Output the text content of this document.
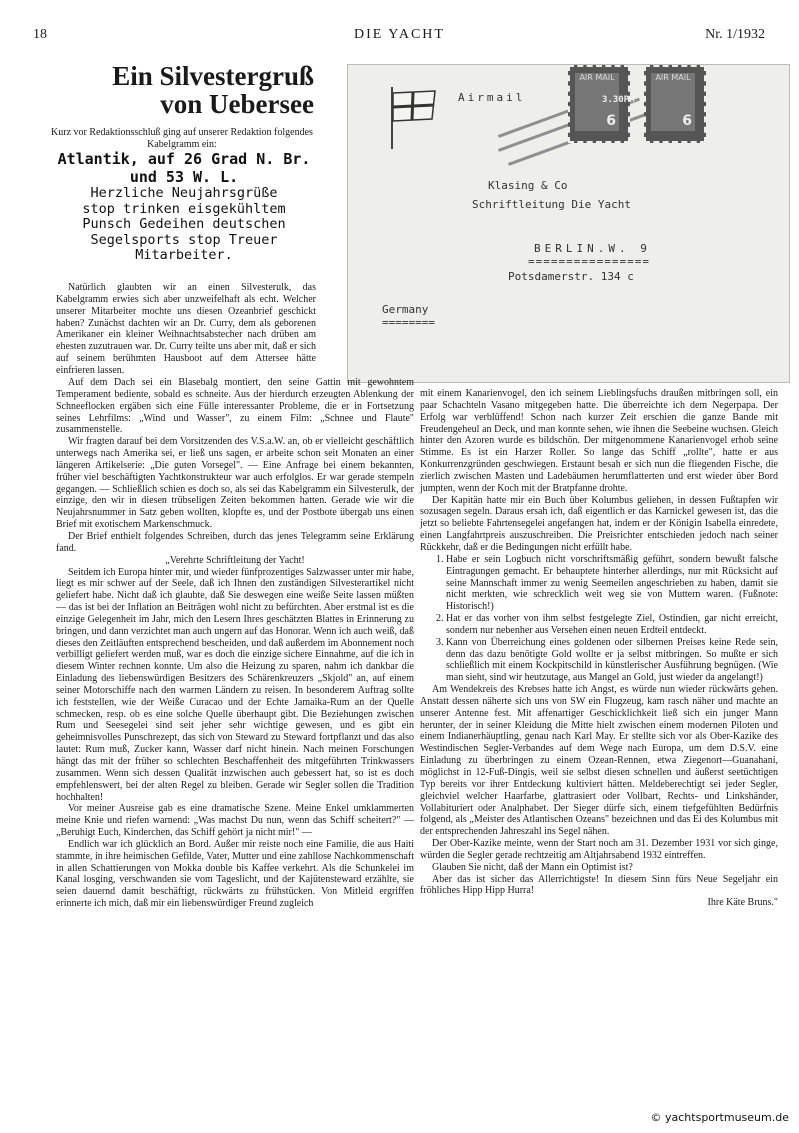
18	DIE YACHT	Nr. 1/1932
Ein Silvestergruß
von Uebersee
Kurz vor Redaktionsschluß ging auf unserer Redaktion folgendes Kabelgramm ein:
Atlantik, auf 26 Grad N. Br.
und 53 W. L.
Herzliche Neujahrsgrüße
stop trinken eisgekühltem
Punsch Gedeihen deutschen
Segelsports stop Treuer
Mitarbeiter.
Airmail
AIR MAIL
6
AIR MAIL
6
3.30PM
Klasing & Co
Schriftleitung Die Yacht
BERLIN.W. 9
================
Potsdamerstr. 134 c
Germany
========

Natürlich glaubten wir an einen Silvesterulk, das Kabelgramm erwies sich aber unzweifelhaft als echt. Welcher unserer Mitarbeiter mochte uns diesen Ozeanbrief geschickt haben? Zunächst dachten wir an Dr. Curry, dem als geborenen Amerikaner ein kleiner Weihnachtsabstecher nach drüben am ehesten zuzutrauen war. Dr. Curry teilte uns aber mit, daß er sich auf seinem berühmten Hausboot auf dem Attersee hätte einfrieren lassen.

Auf dem Dach sei ein Blasebalg montiert, den seine Gattin mit gewohntem Temperament bediente, sobald es schneite. Aus der hierdurch erzeugten Ablenkung der Schneeflocken ergäben sich eine Fülle interessanter Probleme, die er in Fortsetzung seines Lehrfilms: „Wind und Wasser", zu einem Film: „Schnee und Flaute" zusammenstelle.

Wir fragten darauf bei dem Vorsitzenden des V.S.a.W. an, ob er vielleicht geschäftlich unterwegs nach Amerika sei, er ließ uns sagen, er arbeite schon seit Monaten an einer längeren Artikelserie: „Die guten Vorsegel". — Eine Anfrage bei einem bekannten, früher viel beschäftigten Yachtkonstrukteur war auch erfolglos. Er war gerade stempeln gegangen. — Schließlich schien es doch so, als sei das Kabelgramm ein Silvesterulk, der einzige, den wir in diesen trübseligen Zeiten bekommen hatten. Gerade wie wir die Neujahrsnummer in Satz geben wollten, klopfte es, und der Postbote übergab uns einen Brief mit exotischem Markenschmuck.

Der Brief enthielt folgendes Schreiben, durch das jenes Telegramm seine Erklärung fand.

„Verehrte Schriftleitung der Yacht!

Seitdem ich Europa hinter mir, und wieder fünfprozentiges Salzwasser unter mir habe, liegt es mir schwer auf der Seele, daß ich Ihnen den zuständigen Silvesterartikel nicht geliefert habe. Nicht daß ich glaubte, daß Sie deswegen eine weiße Seite lassen müßten — das ist bei der Inflation an Beiträgen wohl nicht zu befürchten. Aber erstmal ist es die einzige Gelegenheit im Jahr, mich den Lesern Ihres geschätzten Blattes in Erinnerung zu bringen, und dann verzichtet man auch ungern auf das Honorar. Wenn ich auch weiß, daß dieses den Zeitläuften entsprechend bescheiden, und daß außerdem im Abonnement noch verbilligt geliefert werden muß, war es doch die einzige sichere Einnahme, auf die ich in diesem Winter rechnen konnte. Um also die Heizung zu sparen, nahm ich dankbar die Einladung des liebenswürdigen Besitzers des Schärenkreuzers „Skjold" an, auf einem seiner Motorschiffe nach den warmen Ländern zu reisen. In besonderem Auftrag sollte ich feststellen, wie der Weiße Curacao und der Echte Jamaika-Rum an der Quelle schmecken, resp. ob es eine solche Quelle überhaupt gibt. Die Beziehungen zwischen Rum und Seesegelei sind seit jeher sehr wichtige gewesen, und es gibt ein geheimnisvolles Punschrezept, das sich von Steward zu Steward fortpflanzt und das also lautet: Rum muß, Zucker kann, Wasser darf nicht hinein. Nach meinen Forschungen hängt das mit der früher so schlechten Beschaffenheit des mitgeführten Trinkwassers zusammen. Wenn sich dessen Qualität inzwischen auch gebessert hat, so ist es doch empfehlenswert, bei der alten Regel zu bleiben. Gerade wir Segler sollen die Tradition hochhalten!

Vor meiner Ausreise gab es eine dramatische Szene. Meine Enkel umklammerten meine Knie und riefen warnend: „Was machst Du nun, wenn das Schiff scheitert?" — „Beruhigt Euch, Kinderchen, das Schiff gehört ja nicht mir!" —

Endlich war ich glücklich an Bord. Außer mir reiste noch eine Familie, die aus Haiti stammte, in ihre heimischen Gefilde, Vater, Mutter und eine zahllose Nachkommenschaft in allen Schattierungen von Mokka double bis Kaffee verkehrt. Als die Schunkelei im Kanal losging, verschwanden sie vom Tageslicht, und der Kajütensteward erzählte, sie seien dauernd damit beschäftigt, rückwärts zu frühstücken. Von Mitleid ergriffen erinnerte ich mich, daß mir ein liebenswürdiger Freund zugleich

mit einem Kanarienvogel, den ich seinem Lieblingsfuchs draußen mitbringen soll, ein paar Schachteln Vasano mitgegeben hatte. Die überreichte ich dem Negerpapa. Der Erfolg war verblüffend! Schon nach kurzer Zeit erschien die ganze Bande mit Freudengeheul an Deck, und man konnte sehen, wie ihnen die Seebeine wuchsen. Gleich hinter den Azoren wurde es bildschön. Der mitgenommene Kanarienvogel erhob seine Stimme. Es ist ein Harzer Roller. So lange das Schiff „rollte", hatte er aus Konkurrenzgründen geschwiegen. Erstaunt besah er sich nun die fliegenden Fische, die zierlich zwischen Masten und Ladebäumen herumflatterten und erst wieder über Bord jumpten, wenn der Koch mit der Bratpfanne drohte.

Der Kapitän hatte mir ein Buch über Kolumbus geliehen, in dessen Fußtapfen wir sozusagen segeln. Daraus ersah ich, daß eigentlich er das Karnickel gewesen ist, das die jetzt so beliebte Fahrtensegelei angefangen hat, indem er der Königin Isabella einredete, einen Langfahrtpreis auszuschreiben. Die Preisrichter entschieden jedoch nach seiner Rückkehr, daß er die Bedingungen nicht erfüllt habe.

1. Habe er sein Logbuch nicht vorschriftsmäßig geführt, sondern bewußt falsche Eintragungen gemacht. Er behauptete hinterher allerdings, nur mit Rücksicht auf seine Mannschaft immer zu wenig Seemeilen angeschrieben zu haben, damit sie nicht merkten, wie schrecklich weit weg sie von Muttern waren. (Fußnote: Historisch!)
2. Hat er das vorher von ihm selbst festgelegte Ziel, Ostindien, gar nicht erreicht, sondern nur nebenher aus Versehen einen neuen Erdteil entdeckt.
3. Kann von Überreichung eines goldenen oder silbernen Preises keine Rede sein, denn das dazu benötigte Gold wollte er ja selbst mitbringen. So mußte er sich schließlich mit einem Kockpitschild in künstlerischer Ausführung begnügen. (Wie man sieht, sind wir heutzutage, aus Mangel an Gold, just wieder da angelangt!)

Am Wendekreis des Krebses hatte ich Angst, es würde nun wieder rückwärts gehen. Anstatt dessen näherte sich uns von SW ein Flugzeug, kam rasch näher und machte an unserer Antenne fest. Mit affenartiger Geschicklichkeit ließ sich ein junger Mann herunter, der in seiner Kleidung die Mitte hielt zwischen einem modernen Piloten und einem Indianerhäuptling, genau nach Karl May. Er stellte sich vor als Ober-Kazike des Westindischen Segler-Verbandes auf dem Wege nach Europa, um dem D.S.V. eine Einladung zu überbringen zu einem Ozean-Rennen, etwa Ziegenort—Guanahani, möglichst in 12-Fuß-Dingis, weil sie selbst diesen schnellen und äußerst seetüchtigen Typ bereits vor ihrer Entdeckung kultiviert hätten. Meldeberechtigt sei jeder Segler, gleichviel welcher Haarfarbe, glattrasiert oder Vollbart, Rechts- und Linkshänder, Vollabituriert oder Analphabet. Der Sieger dürfe sich, einem tiefgefühlten Bedürfnis folgend, als „Meister des Atlantischen Ozeans" bezeichnen und das Ei des Kolumbus mit der entsprechenden Jahreszahl ins Segel nähen.

Der Ober-Kazike meinte, wenn der Start noch am 31. Dezember 1931 vor sich ginge, würden die Segler gerade rechtzeitig am Altjahrsabend 1932 eintreffen.

Glauben Sie nicht, daß der Mann ein Optimist ist?

Aber das ist sicher das Allerrichtigste! In diesem Sinn fürs Neue Segeljahr ein fröhliches Hipp Hipp Hurra!

Ihre Käte Bruns."

© yachtsportmuseum.de
